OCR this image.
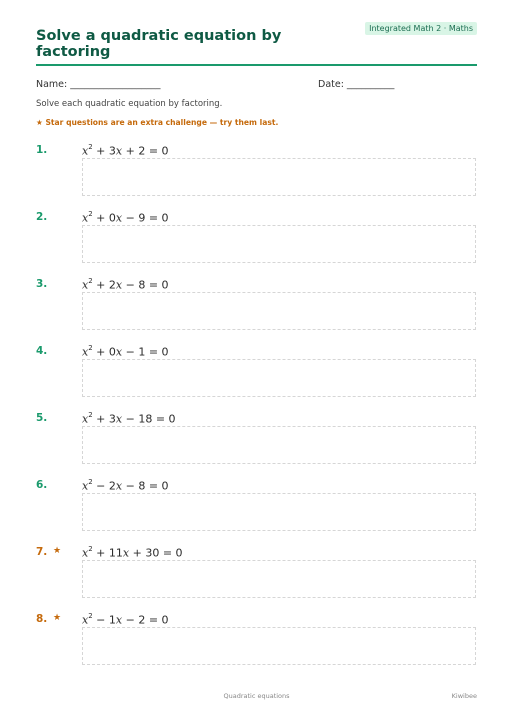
Solve a quadratic equation by factoring
Integrated Math 2 · Maths
Name: ___________________	Date: __________
Solve each quadratic equation by factoring.
★ Star questions are an extra challenge — try them last.
1.	$x^2 + 3x + 2 = 0$
2.	$x^2 + 0x - 9 = 0$
3.	$x^2 + 2x - 8 = 0$
4.	$x^2 + 0x - 1 = 0$
5.	$x^2 + 3x - 18 = 0$
6.	$x^2 - 2x - 8 = 0$
7. ★ $x^2 + 11x + 30 = 0$
8. ★ $x^2 - 1x - 2 = 0$
Quadratic equations	Kiwibee
